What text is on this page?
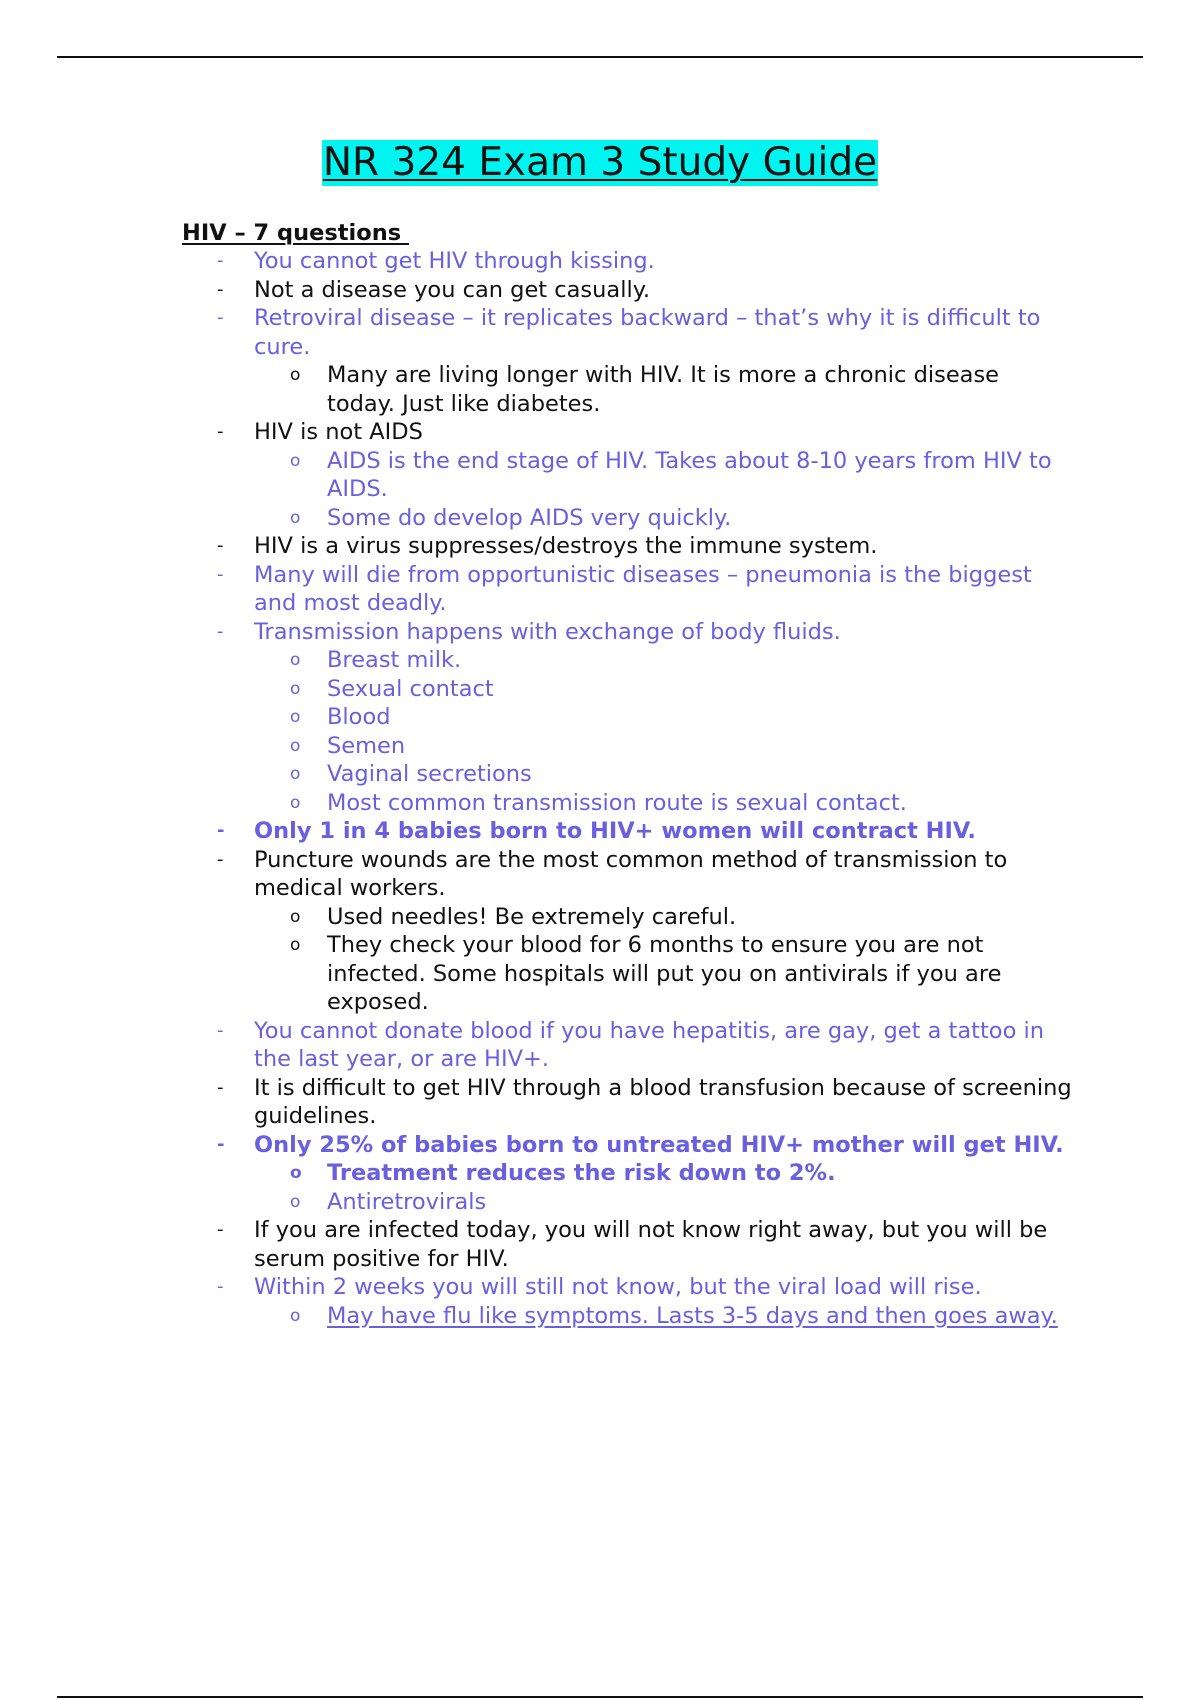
NR 324 Exam 3 Study Guide
HIV – 7 questions
- You cannot get HIV through kissing.
- Not a disease you can get casually.
- Retroviral disease – it replicates backward – that’s why it is difficult to cure.
o Many are living longer with HIV. It is more a chronic disease today. Just like diabetes.
- HIV is not AIDS
o AIDS is the end stage of HIV. Takes about 8-10 years from HIV to AIDS.
o Some do develop AIDS very quickly.
- HIV is a virus suppresses/destroys the immune system.
- Many will die from opportunistic diseases – pneumonia is the biggest and most deadly.
- Transmission happens with exchange of body fluids.
o Breast milk.
o Sexual contact
o Blood
o Semen
o Vaginal secretions
o Most common transmission route is sexual contact.
- Only 1 in 4 babies born to HIV+ women will contract HIV.
- Puncture wounds are the most common method of transmission to medical workers.
o Used needles! Be extremely careful.
o They check your blood for 6 months to ensure you are not infected. Some hospitals will put you on antivirals if you are exposed.
- You cannot donate blood if you have hepatitis, are gay, get a tattoo in the last year, or are HIV+.
- It is difficult to get HIV through a blood transfusion because of screening guidelines.
- Only 25% of babies born to untreated HIV+ mother will get HIV.
o Treatment reduces the risk down to 2%.
o Antiretrovirals
- If you are infected today, you will not know right away, but you will be serum positive for HIV.
- Within 2 weeks you will still not know, but the viral load will rise.
o May have flu like symptoms. Lasts 3-5 days and then goes away.
